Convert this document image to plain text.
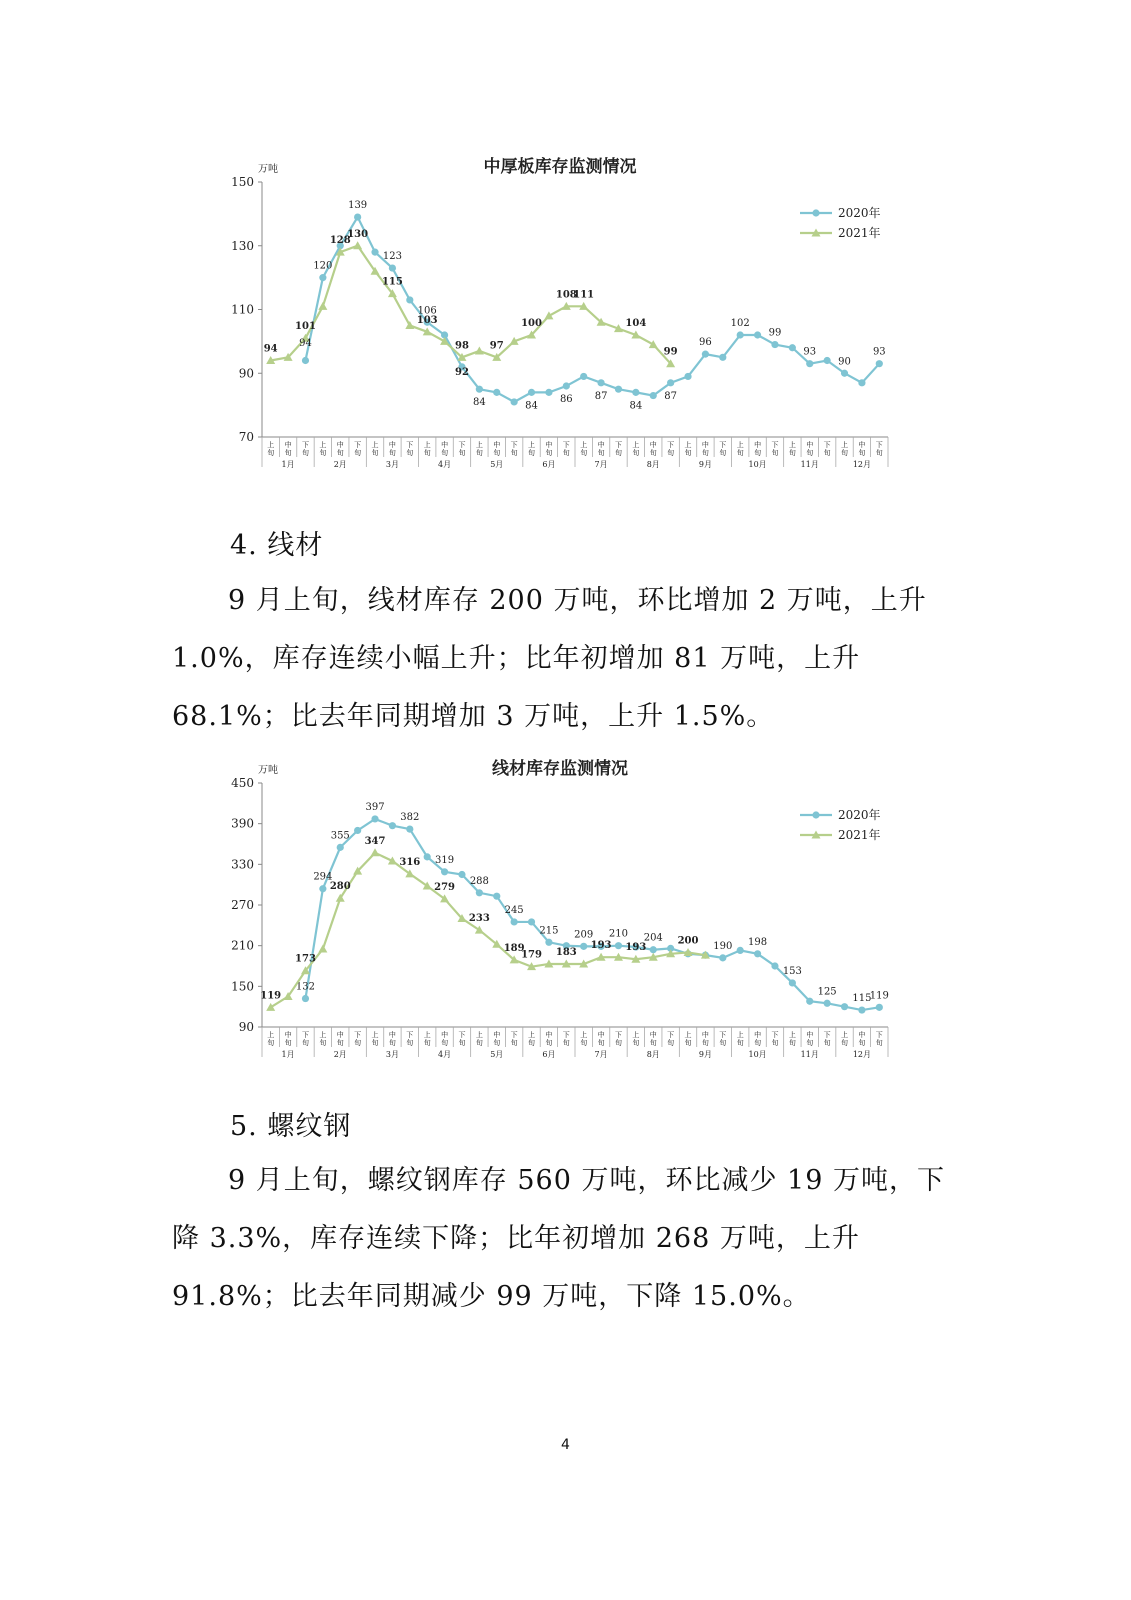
中厚板库存监测情况
万吨
70
90
110
130
150
上
旬
中
旬
下
旬
上
旬
中
旬
下
旬
上
旬
中
旬
下
旬
上
旬
中
旬
下
旬
上
旬
中
旬
下
旬
上
旬
中
旬
下
旬
上
旬
中
旬
下
旬
上
旬
中
旬
下
旬
上
旬
中
旬
下
旬
上
旬
中
旬
下
旬
上
旬
中
旬
下
旬
上
旬
中
旬
下
旬
1月	2月	3月	4月	5月	6月	7月	8月	9月	10月	11月	12月
120
139
123
106
84	84
86 87
84
87
96
102
99
93
90
93
94
101
128
130
115
103
98 97
100
108
111
104
99
94
92
2020年
2021年
4. 线材
9 月上旬，线材库存 200 万吨，环比增加 2 万吨，上升 1.0%，库存连续小幅上升；比年初增加 81 万吨，上升 68.1%；比去年同期增加 3 万吨，上升 1.5%。
线材库存监测情况
万吨
90
150
210
270
330
390
450
上
旬
中
旬
下
旬
上
旬
中
旬
下
旬
上
旬
中
旬
下
旬
上
旬
中
旬
下
旬
上
旬
中
旬
下
旬
上
旬
中
旬
下
旬
上
旬
中
旬
下
旬
上
旬
中
旬
下
旬
上
旬
中
旬
下
旬
上
旬
中
旬
下
旬
上
旬
中
旬
下
旬
上
旬
中
旬
下
旬
1月	2月	3月	4月	5月	6月	7月	8月	9月	10月	11月	12月
132
294
355
397
382
319
288
245
215 209 210 204
190 198
153
125
115
119
119
173
280
347
316
279
233
189
179 183
193 193
200
2020年
2021年
5. 螺纹钢
9 月上旬，螺纹钢库存 560 万吨，环比减少 19 万吨，下降 3.3%，库存连续下降；比年初增加 268 万吨，上升 91.8%；比去年同期减少 99 万吨，下降 15.0%。
4
